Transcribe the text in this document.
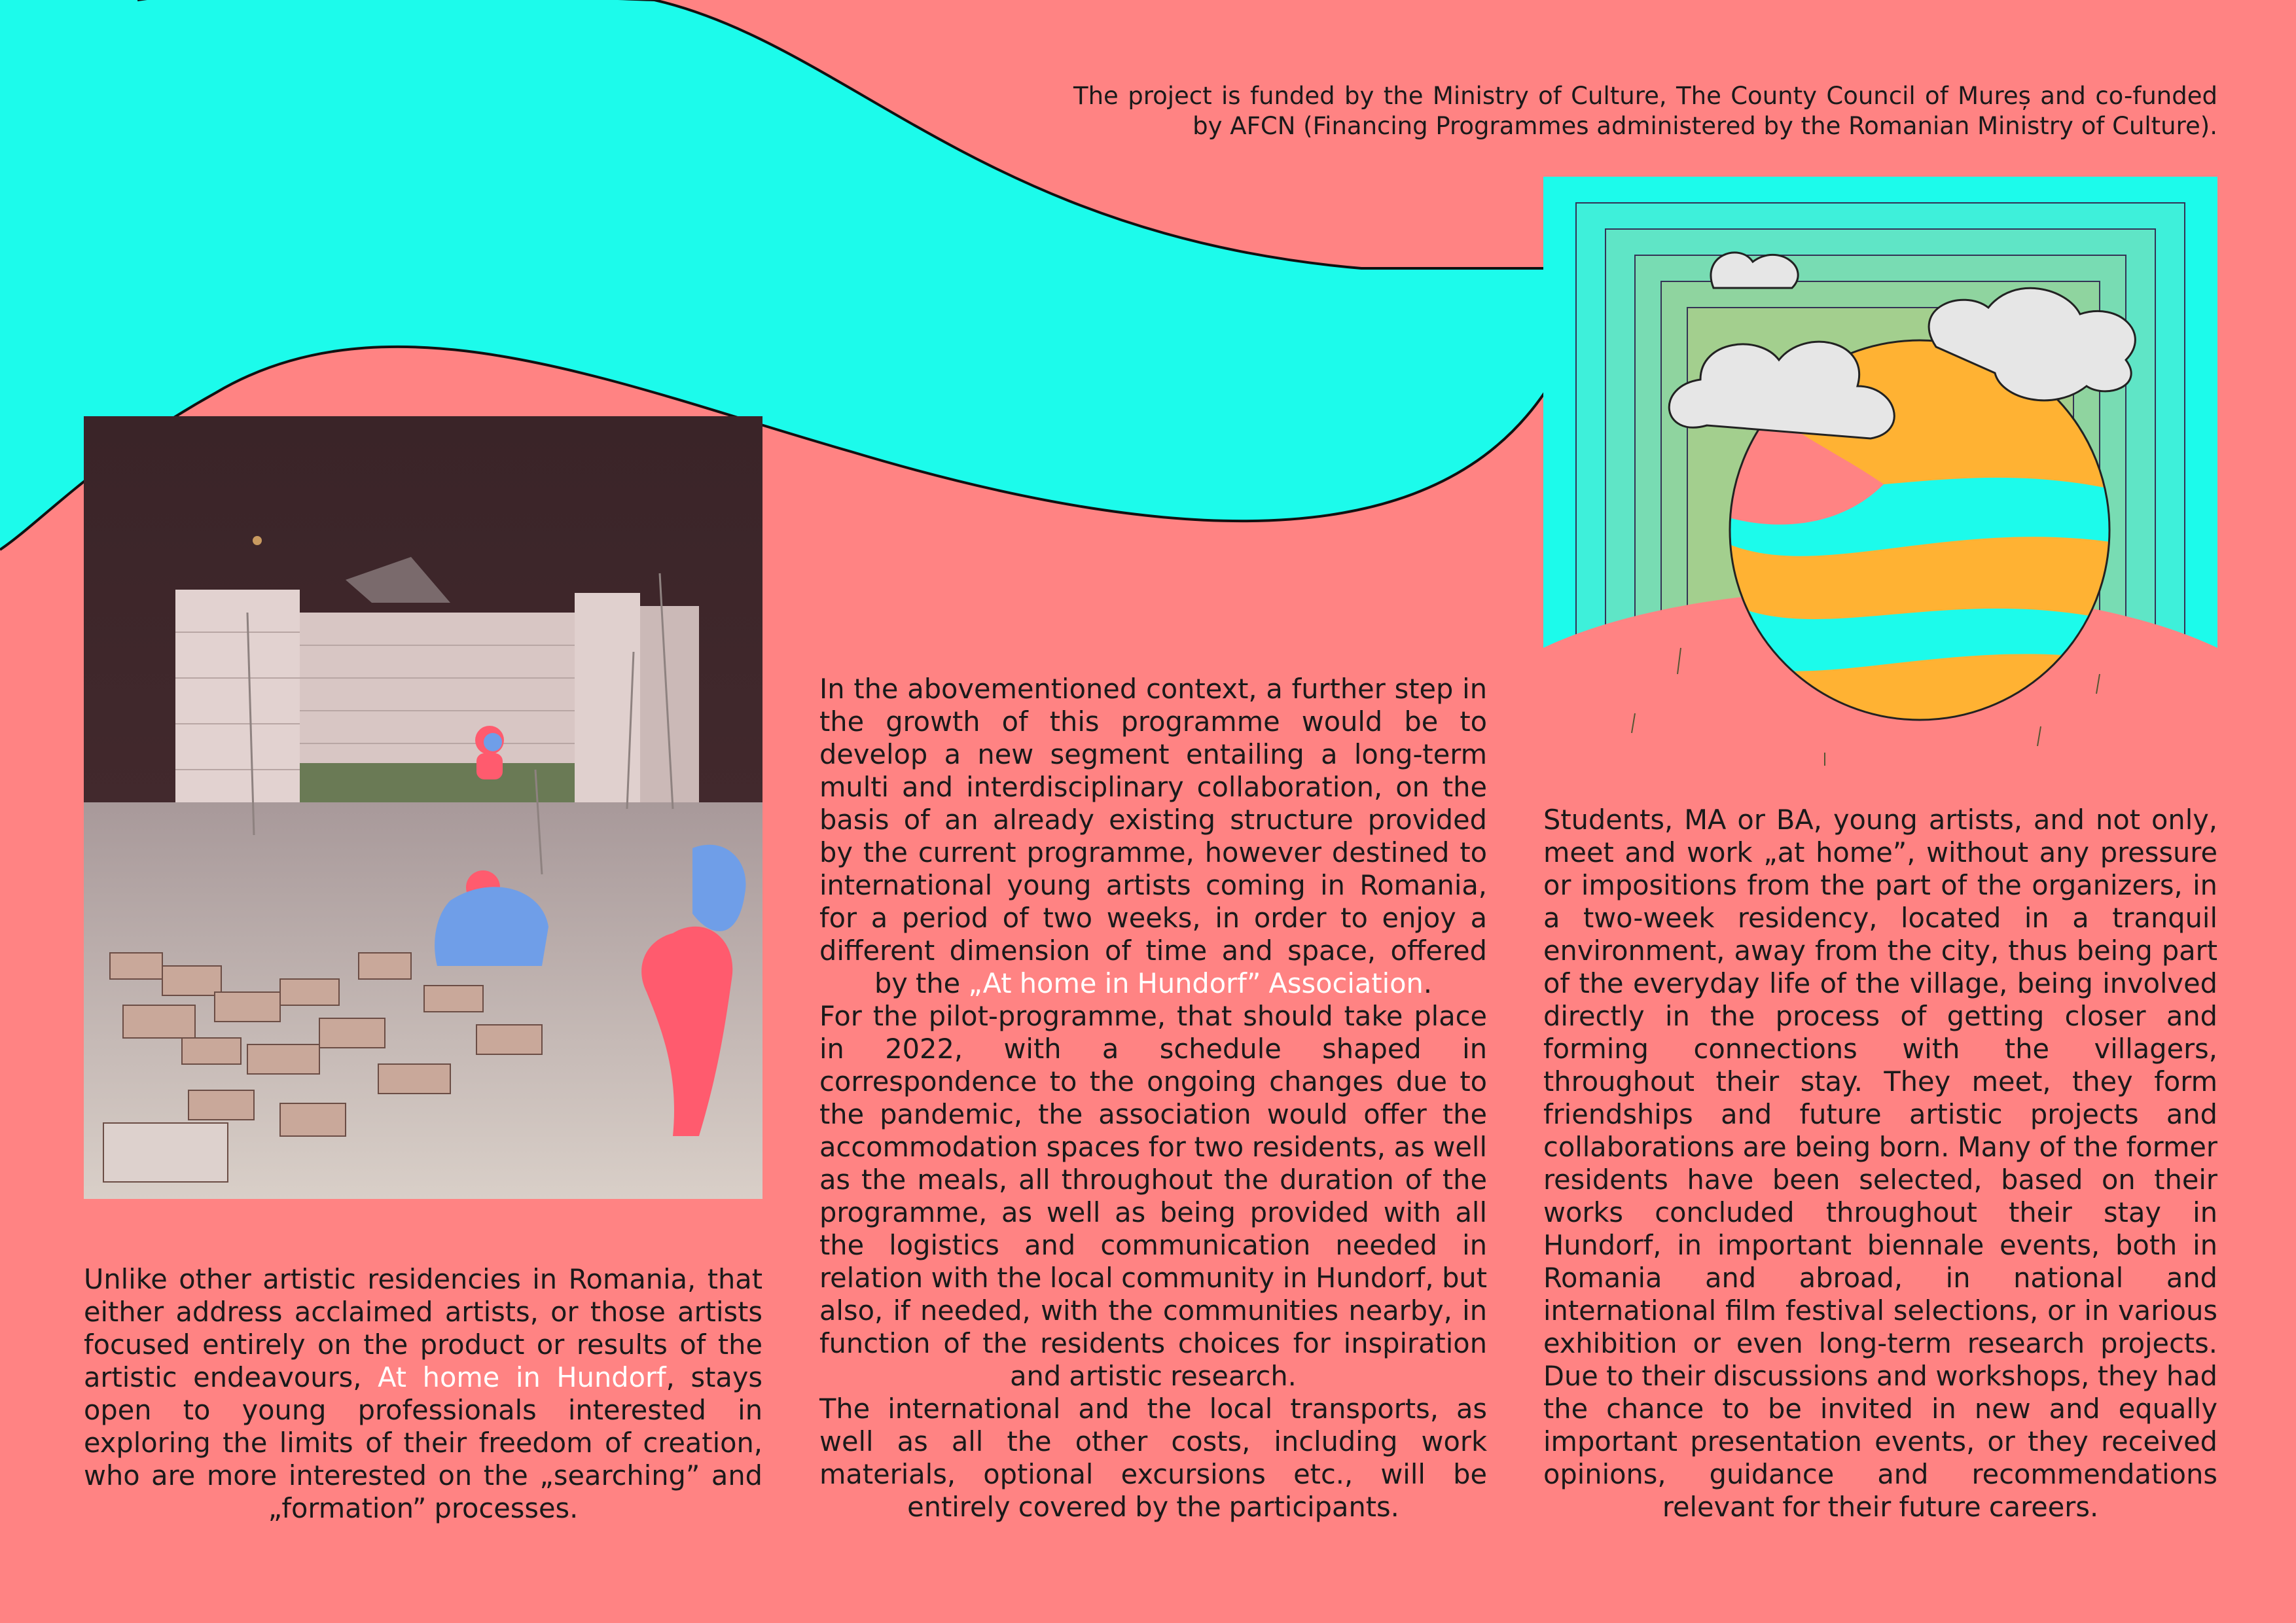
The project is funded by the Ministry of Culture, The County Council of Mureș and co-funded by AFCN (Financing Programmes administered by the Romanian Ministry of Culture).

Unlike other artistic residencies in Romania, that either address acclaimed artists, or those artists focused entirely on the product or results of the artistic endeavours, At home in Hundorf, stays open to young professionals interested in exploring the limits of their freedom of creation, who are more interested on the „searching” and „formation” processes.

In the abovementioned context, a further step in the growth of this programme would be to develop a new segment entailing a long-term multi and interdisciplinary collaboration, on the basis of an already existing structure provided by the current programme, however destined to international young artists coming in Romania, for a period of two weeks, in order to enjoy a different dimension of time and space, offered by the „At home in Hundorf” Association.

For the pilot-programme, that should take place in 2022, with a schedule shaped in correspondence to the ongoing changes due to the pandemic, the association would offer the accommodation spaces for two residents, as well as the meals, all throughout the duration of the programme, as well as being provided with all the logistics and communication needed in relation with the local community in Hundorf, but also, if needed, with the communities nearby, in function of the residents choices for inspiration and artistic research.

The international and the local transports, as well as all the other costs, including work materials, optional excursions etc., will be entirely covered by the participants.

Students, MA or BA, young artists, and not only, meet and work „at home”, without any pressure or impositions from the part of the organizers, in a two-week residency, located in a tranquil environment, away from the city, thus being part of the everyday life of the village, being involved directly in the process of getting closer and forming connections with the villagers, throughout their stay. They meet, they form friendships and future artistic projects and collaborations are being born. Many of the former residents have been selected, based on their works concluded throughout their stay in Hundorf, in important biennale events, both in Romania and abroad, in national and international film festival selections, or in various exhibition or even long-term research projects. Due to their discussions and workshops, they had the chance to be invited in new and equally important presentation events, or they received opinions, guidance and recommendations relevant for their future careers.
